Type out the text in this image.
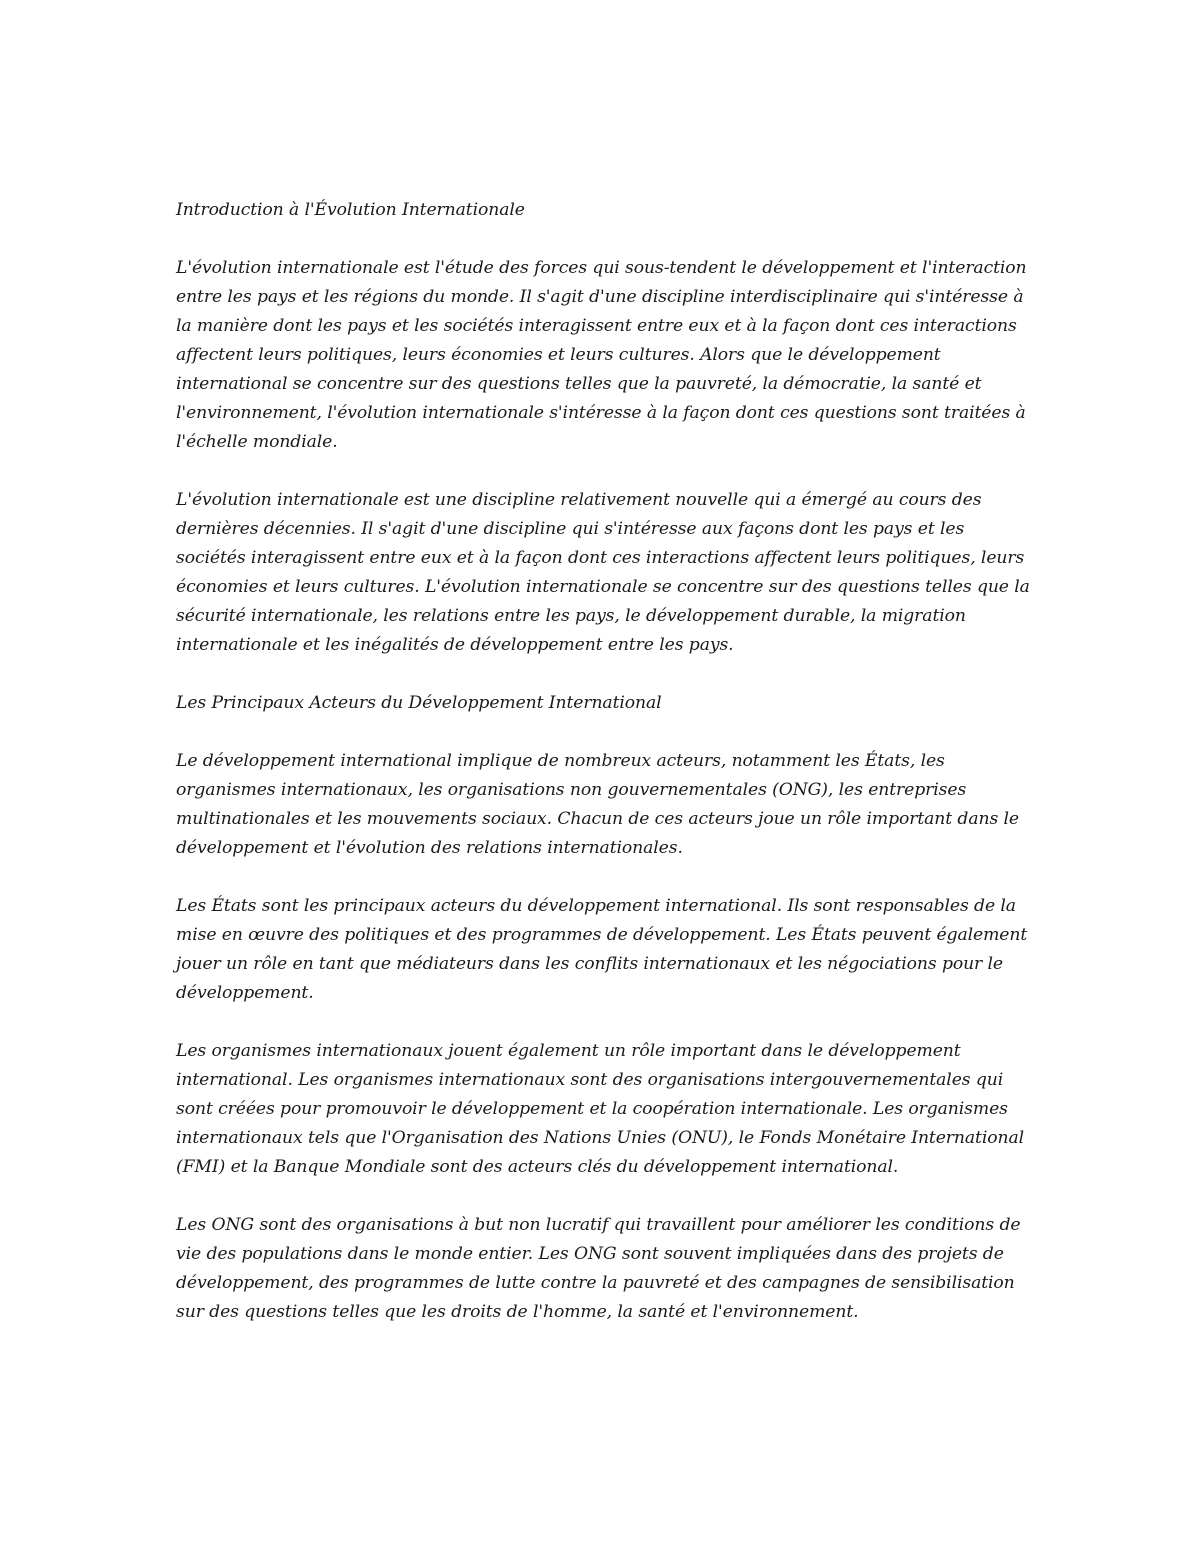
Introduction à l'Évolution Internationale

L'évolution internationale est l'étude des forces qui sous-tendent le développement et l'interaction entre les pays et les régions du monde. Il s'agit d'une discipline interdisciplinaire qui s'intéresse à la manière dont les pays et les sociétés interagissent entre eux et à la façon dont ces interactions affectent leurs politiques, leurs économies et leurs cultures. Alors que le développement international se concentre sur des questions telles que la pauvreté, la démocratie, la santé et l'environnement, l'évolution internationale s'intéresse à la façon dont ces questions sont traitées à l'échelle mondiale.

L'évolution internationale est une discipline relativement nouvelle qui a émergé au cours des dernières décennies. Il s'agit d'une discipline qui s'intéresse aux façons dont les pays et les sociétés interagissent entre eux et à la façon dont ces interactions affectent leurs politiques, leurs économies et leurs cultures. L'évolution internationale se concentre sur des questions telles que la sécurité internationale, les relations entre les pays, le développement durable, la migration internationale et les inégalités de développement entre les pays.

Les Principaux Acteurs du Développement International

Le développement international implique de nombreux acteurs, notamment les États, les organismes internationaux, les organisations non gouvernementales (ONG), les entreprises multinationales et les mouvements sociaux. Chacun de ces acteurs joue un rôle important dans le développement et l'évolution des relations internationales.

Les États sont les principaux acteurs du développement international. Ils sont responsables de la mise en œuvre des politiques et des programmes de développement. Les États peuvent également jouer un rôle en tant que médiateurs dans les conflits internationaux et les négociations pour le développement.

Les organismes internationaux jouent également un rôle important dans le développement international. Les organismes internationaux sont des organisations intergouvernementales qui sont créées pour promouvoir le développement et la coopération internationale. Les organismes internationaux tels que l'Organisation des Nations Unies (ONU), le Fonds Monétaire International (FMI) et la Banque Mondiale sont des acteurs clés du développement international.

Les ONG sont des organisations à but non lucratif qui travaillent pour améliorer les conditions de vie des populations dans le monde entier. Les ONG sont souvent impliquées dans des projets de développement, des programmes de lutte contre la pauvreté et des campagnes de sensibilisation sur des questions telles que les droits de l'homme, la santé et l'environnement.
